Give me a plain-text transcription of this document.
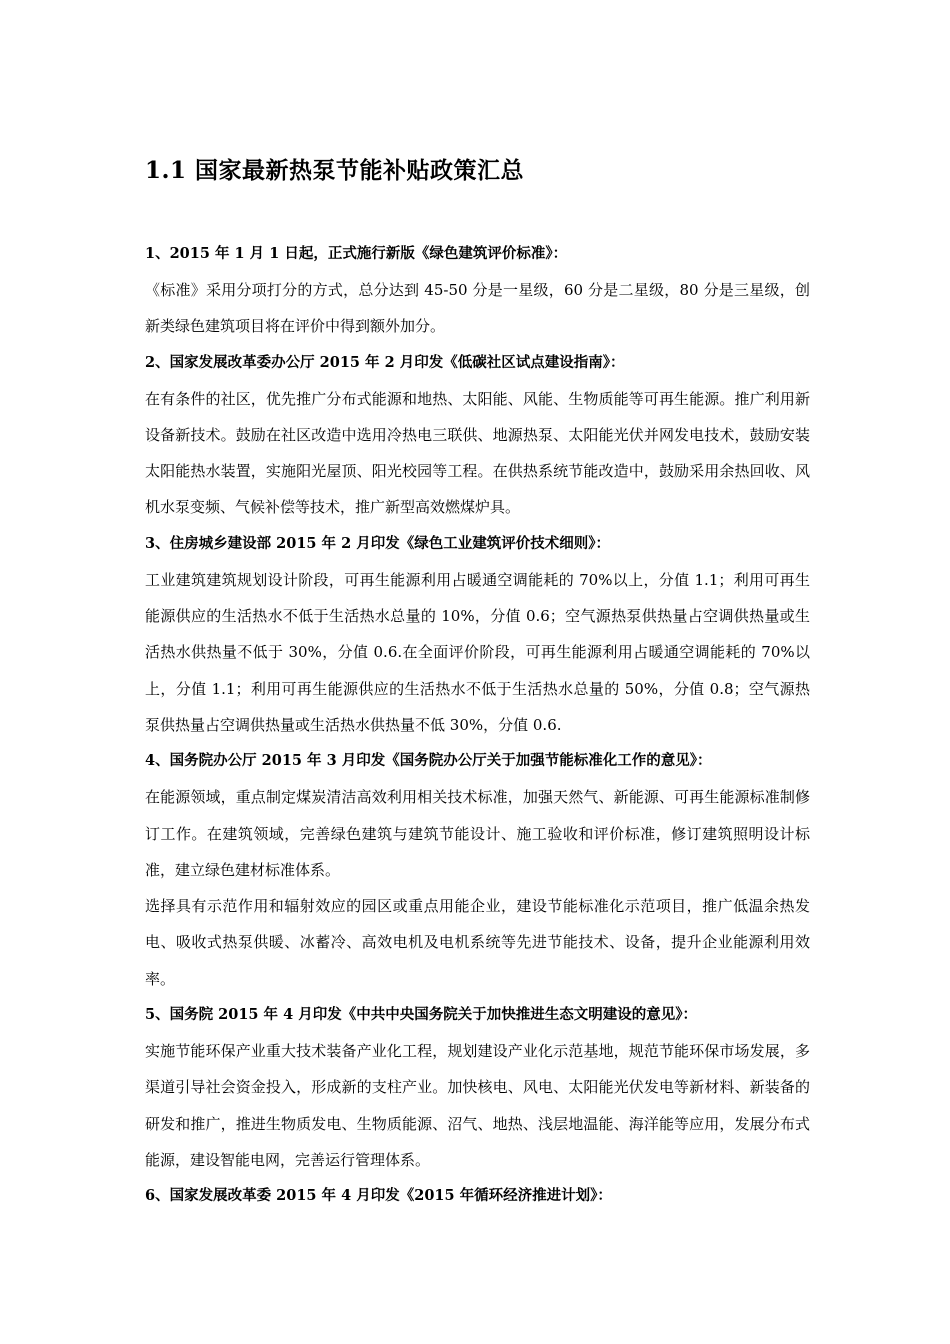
1.1 国家最新热泵节能补贴政策汇总
1、2015 年 1 月 1 日起，正式施行新版《绿色建筑评价标准》：
《标准》采用分项打分的方式，总分达到 45-50 分是一星级，60 分是二星级，80 分是三星级，创新类绿色建筑项目将在评价中得到额外加分。
2、国家发展改革委办公厅 2015 年 2 月印发《低碳社区试点建设指南》：
在有条件的社区，优先推广分布式能源和地热、太阳能、风能、生物质能等可再生能源。推广利用新设备新技术。鼓励在社区改造中选用冷热电三联供、地源热泵、太阳能光伏并网发电技术，鼓励安装太阳能热水装置，实施阳光屋顶、阳光校园等工程。在供热系统节能改造中，鼓励采用余热回收、风机水泵变频、气候补偿等技术，推广新型高效燃煤炉具。
3、住房城乡建设部 2015 年 2 月印发《绿色工业建筑评价技术细则》：
工业建筑建筑规划设计阶段，可再生能源利用占暖通空调能耗的 70%以上，分值 1.1；利用可再生能源供应的生活热水不低于生活热水总量的 10%，分值 0.6；空气源热泵供热量占空调供热量或生活热水供热量不低于 30%，分值 0.6.在全面评价阶段，可再生能源利用占暖通空调能耗的 70%以上，分值 1.1；利用可再生能源供应的生活热水不低于生活热水总量的 50%，分值 0.8；空气源热泵供热量占空调供热量或生活热水供热量不低 30%，分值 0.6.
4、国务院办公厅 2015 年 3 月印发《国务院办公厅关于加强节能标准化工作的意见》：
在能源领域，重点制定煤炭清洁高效利用相关技术标准，加强天然气、新能源、可再生能源标准制修订工作。在建筑领域，完善绿色建筑与建筑节能设计、施工验收和评价标准，修订建筑照明设计标准，建立绿色建材标准体系。
选择具有示范作用和辐射效应的园区或重点用能企业，建设节能标准化示范项目，推广低温余热发电、吸收式热泵供暖、冰蓄冷、高效电机及电机系统等先进节能技术、设备，提升企业能源利用效率。
5、国务院 2015 年 4 月印发《中共中央国务院关于加快推进生态文明建设的意见》：
实施节能环保产业重大技术装备产业化工程，规划建设产业化示范基地，规范节能环保市场发展，多渠道引导社会资金投入，形成新的支柱产业。加快核电、风电、太阳能光伏发电等新材料、新装备的研发和推广，推进生物质发电、生物质能源、沼气、地热、浅层地温能、海洋能等应用，发展分布式能源，建设智能电网，完善运行管理体系。
6、国家发展改革委 2015 年 4 月印发《2015 年循环经济推进计划》：
